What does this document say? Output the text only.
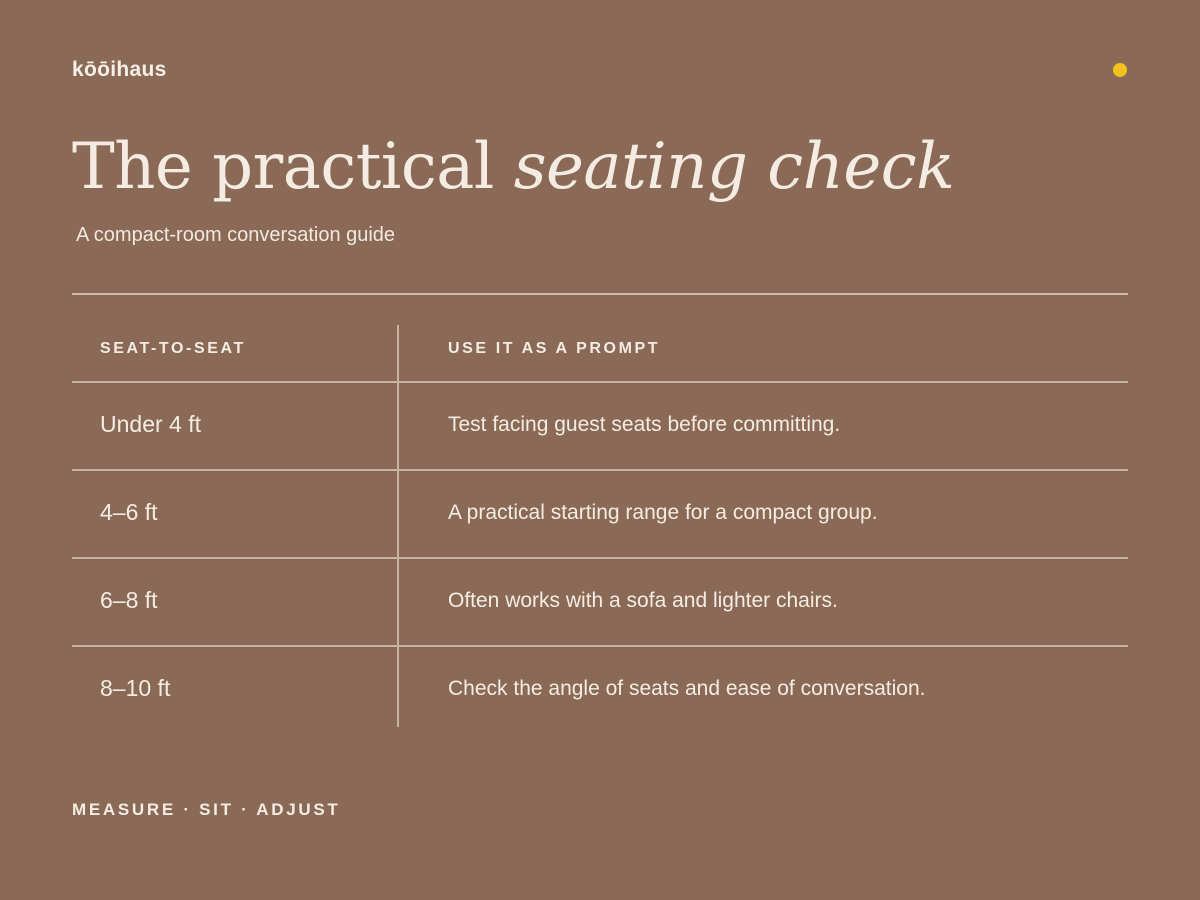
kōōihaus
The practical seating check
A compact-room conversation guide
SEAT-TO-SEAT	USE IT AS A PROMPT
Under 4 ft	Test facing guest seats before committing.
4–6 ft	A practical starting range for a compact group.
6–8 ft	Often works with a sofa and lighter chairs.
8–10 ft	Check the angle of seats and ease of conversation.
MEASURE · SIT · ADJUST
